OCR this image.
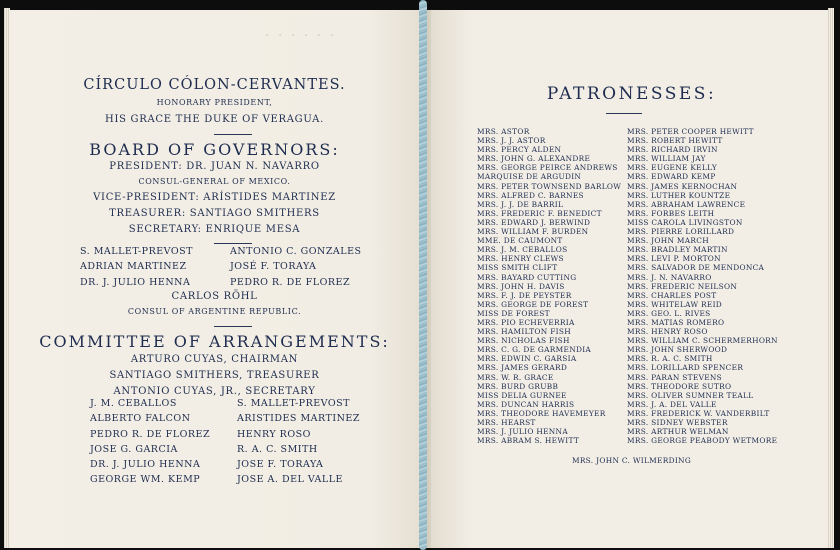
· · · · · ·
CÍRCULO CÓLON-CERVANTES.
HONORARY PRESIDENT,
HIS GRACE THE DUKE OF VERAGUA.
BOARD OF GOVERNORS:
PRESIDENT: DR. JUAN N. NAVARRO
CONSUL-GENERAL OF MEXICO.
VICE-PRESIDENT: ARÍSTIDES MARTINEZ
TREASURER: SANTIAGO SMITHERS
SECRETARY: ENRIQUE MESA
S. MALLET-PREVOST
ADRIAN MARTINEZ
DR. J. JULIO HENNA
ANTONIO C. GONZALES
JOSÉ F. TORAYA
PEDRO R. DE FLOREZ
CARLOS RÖHL
CONSUL OF ARGENTINE REPUBLIC.
COMMITTEE OF ARRANGEMENTS:
ARTURO CUYAS, CHAIRMAN
SANTIAGO SMITHERS, TREASURER
ANTONIO CUYAS, JR., SECRETARY
J. M. CEBALLOS
ALBERTO FALCON
PEDRO R. DE FLOREZ
JOSE G. GARCIA
DR. J. JULIO HENNA
GEORGE WM. KEMP
S. MALLET-PREVOST
ARISTIDES MARTINEZ
HENRY ROSO
R. A. C. SMITH
JOSE F. TORAYA
JOSE A. DEL VALLE
PATRONESSES:
MRS. ASTOR
MRS. J. J. ASTOR
MRS. PERCY ALDEN
MRS. JOHN G. ALEXANDRE
MRS. GEORGE PEIRCE ANDREWS
MARQUISE DE ARGUDIN
MRS. PETER TOWNSEND BARLOW
MRS. ALFRED C. BARNES
MRS. J. J. DE BARRIL
MRS. FREDERIC F. BENEDICT
MRS. EDWARD J. BERWIND
MRS. WILLIAM F. BURDEN
MME. DE CAUMONT
MRS. J. M. CEBALLOS
MRS. HENRY CLEWS
MISS SMITH CLIFT
MRS. BAYARD CUTTING
MRS. JOHN H. DAVIS
MRS. F. J. DE PEYSTER
MRS. GEORGE DE FOREST
MISS DE FOREST
MRS. PIO ECHEVERRIA
MRS. HAMILTON FISH
MRS. NICHOLAS FISH
MRS. C. G. DE GARMENDIA
MRS. EDWIN C. GARSIA
MRS. JAMES GERARD
MRS. W. R. GRACE
MRS. BURD GRUBB
MISS DELIA GURNEE
MRS. DUNCAN HARRIS
MRS. THEODORE HAVEMEYER
MRS. HEARST
MRS. J. JULIO HENNA
MRS. ABRAM S. HEWITT
MRS. PETER COOPER HEWITT
MRS. ROBERT HEWITT
MRS. RICHARD IRVIN
MRS. WILLIAM JAY
MRS. EUGENE KELLY
MRS. EDWARD KEMP
MRS. JAMES KERNOCHAN
MRS. LUTHER KOUNTZE
MRS. ABRAHAM LAWRENCE
MRS. FORBES LEITH
MISS CAROLA LIVINGSTON
MRS. PIERRE LORILLARD
MRS. JOHN MARCH
MRS. BRADLEY MARTIN
MRS. LEVI P. MORTON
MRS. SALVADOR DE MENDONCA
MRS. J. N. NAVARRO
MRS. FREDERIC NEILSON
MRS. CHARLES POST
MRS. WHITELAW REID
MRS. GEO. L. RIVES
MRS. MATIAS ROMERO
MRS. HENRY ROSO
MRS. WILLIAM C. SCHERMERHORN
MRS. JOHN SHERWOOD
MRS. R. A. C. SMITH
MRS. LORILLARD SPENCER
MRS. PARAN STEVENS
MRS. THEODORE SUTRO
MRS. OLIVER SUMNER TEALL
MRS. J. A. DEL VALLE
MRS. FREDERICK W. VANDERBILT
MRS. SIDNEY WEBSTER
MRS. ARTHUR WELMAN
MRS. GEORGE PEABODY WETMORE
MRS. JOHN C. WILMERDING
